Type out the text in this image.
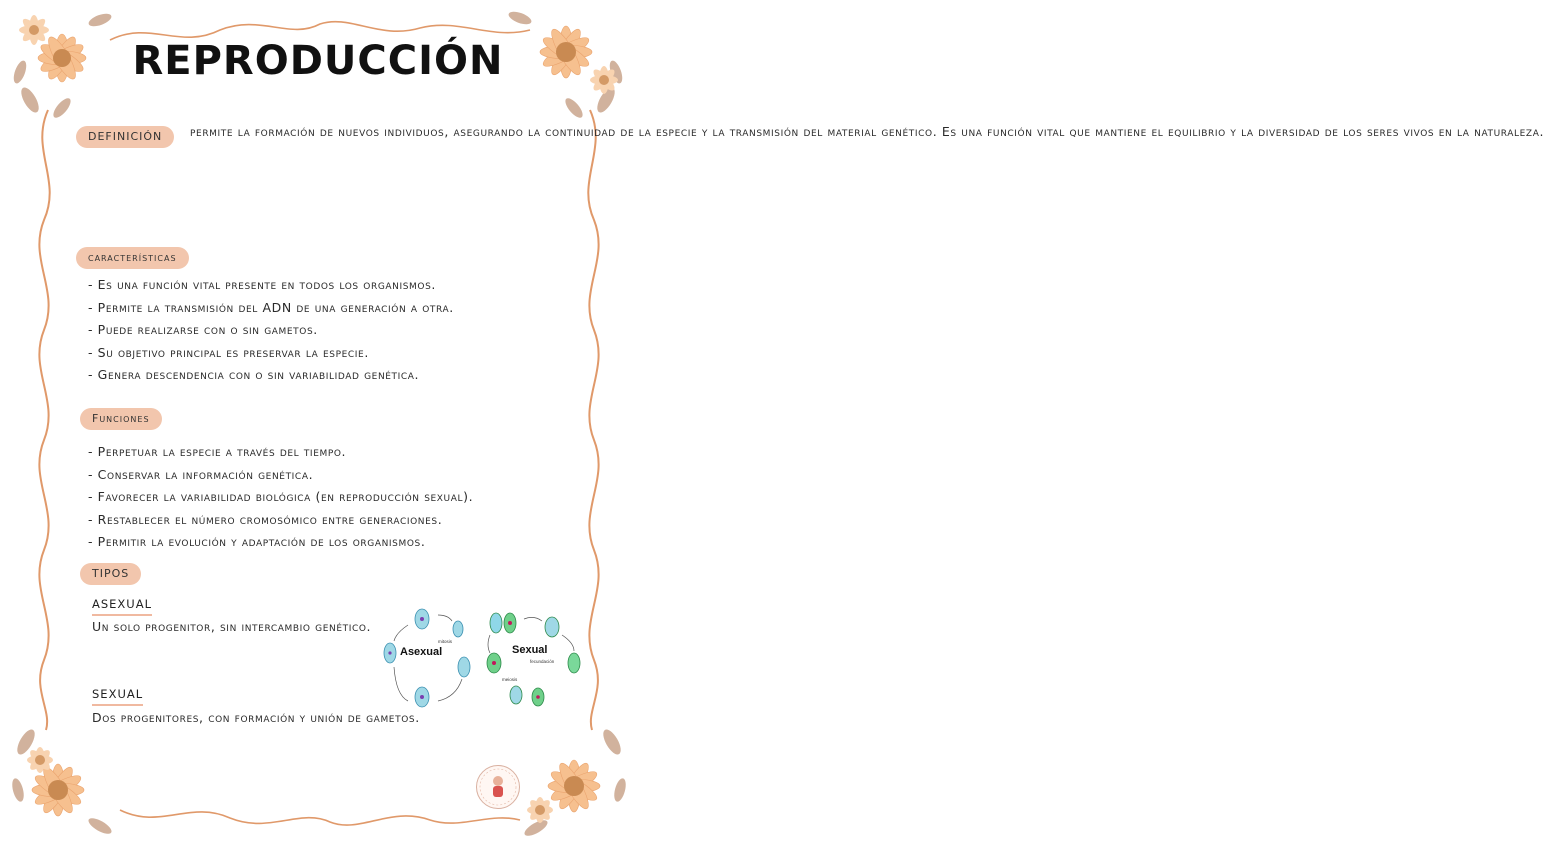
REPRODUCCIÓN
DEFINICIÓN	permite la formación de nuevos individuos, asegurando la continuidad de la especie y la transmisión del material genético. Es una función vital que mantiene el equilibrio y la diversidad de los seres vivos en la naturaleza.
características
- Es una función vital presente en todos los organismos.
- Permite la transmisión del ADN de una generación a otra.
- Puede realizarse con o sin gametos.
- Su objetivo principal es preservar la especie.
- Genera descendencia con o sin variabilidad genética.
Funciones
- Perpetuar la especie a través del tiempo.
- Conservar la información genética.
- Favorecer la variabilidad biológica (en reproducción sexual).
- Restablecer el número cromosómico entre generaciones.
- Permitir la evolución y adaptación de los organismos.
TIPOS
ASEXUAL
Un solo progenitor, sin intercambio genético.
SEXUAL
Dos progenitores, con formación y unión de gametos.
Asexual	Sexual
fecundación
meiosis
mitosis
